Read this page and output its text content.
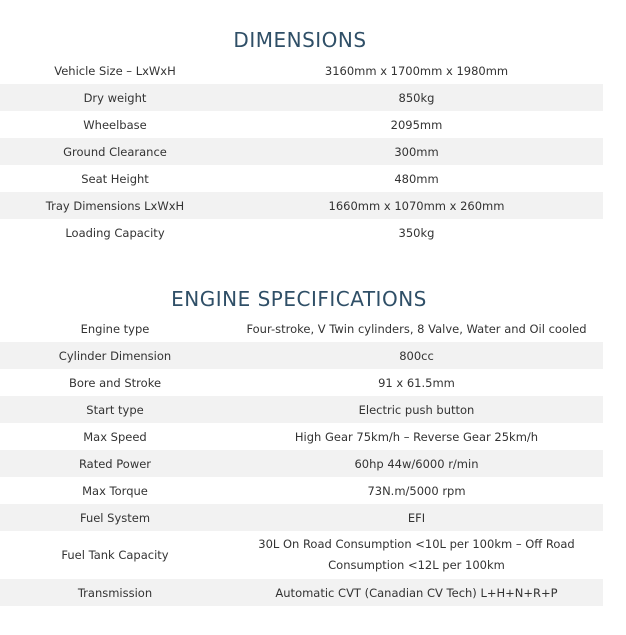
DIMENSIONS
Vehicle Size – LxWxH	3160mm x 1700mm x 1980mm
Dry weight	850kg
Wheelbase	2095mm
Ground Clearance	300mm
Seat Height	480mm
Tray Dimensions LxWxH	1660mm x 1070mm x 260mm
Loading Capacity	350kg
ENGINE SPECIFICATIONS
Engine type	Four-stroke, V Twin cylinders, 8 Valve, Water and Oil cooled
Cylinder Dimension	800cc
Bore and Stroke	91 x 61.5mm
Start type	Electric push button
Max Speed	High Gear 75km/h – Reverse Gear 25km/h
Rated Power	60hp 44w/6000 r/min
Max Torque	73N.m/5000 rpm
Fuel System	EFI
Fuel Tank Capacity	30L On Road Consumption <10L per 100km – Off Road Consumption <12L per 100km
Transmission	Automatic CVT (Canadian CV Tech) L+H+N+R+P
